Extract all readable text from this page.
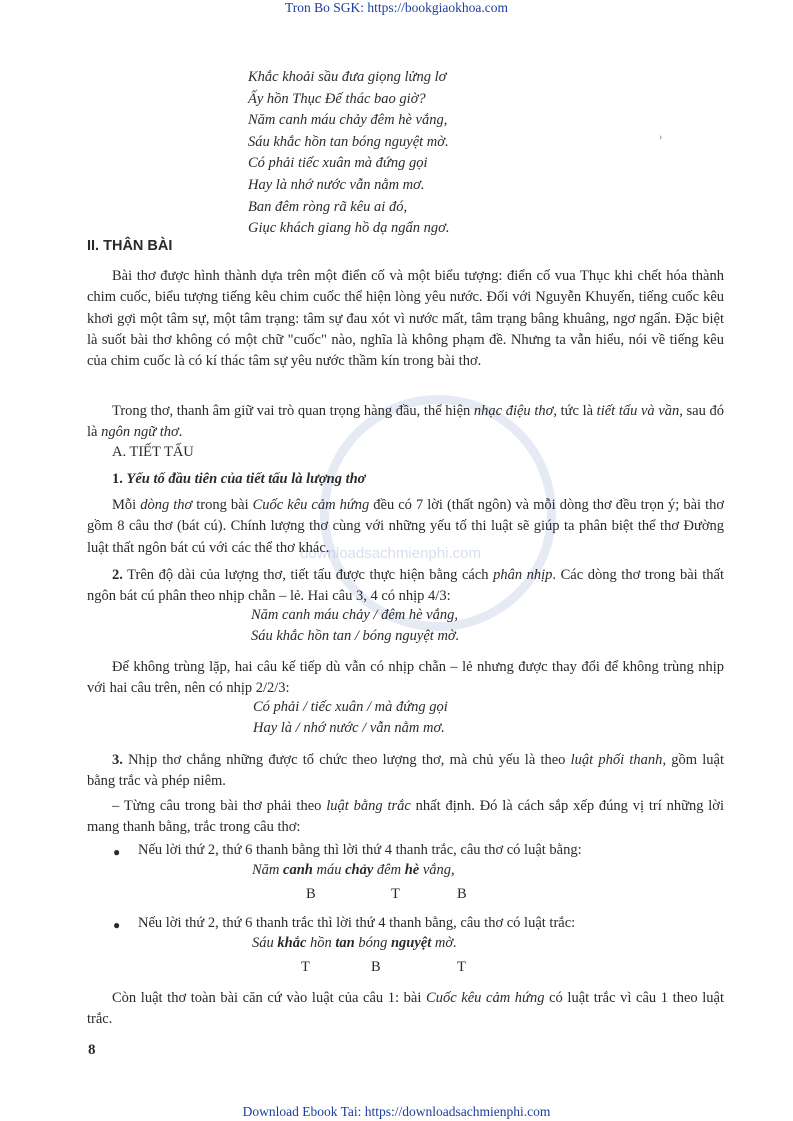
Tron Bo SGK: https://bookgiaokhoa.com
downloadsachmienphi.com
Khắc khoải sầu đưa giọng lửng lơ
Ấy hồn Thục Đế thác bao giờ?
Năm canh máu chảy đêm hè vắng,
Sáu khắc hồn tan bóng nguyệt mờ.
Có phải tiếc xuân mà đứng gọi
Hay là nhớ nước vẫn nằm mơ.
Ban đêm ròng rã kêu ai đó,
Giục khách giang hồ dạ ngẩn ngơ.
›
II. THÂN BÀI
Bài thơ được hình thành dựa trên một điển cố và một biểu tượng: điển cố vua Thục khi chết hóa thành chim cuốc, biểu tượng tiếng kêu chim cuốc thể hiện lòng yêu nước. Đối với Nguyễn Khuyến, tiếng cuốc kêu khơi gợi một tâm sự, một tâm trạng: tâm sự đau xót vì nước mất, tâm trạng bâng khuâng, ngơ ngẩn. Đặc biệt là suốt bài thơ không có một chữ "cuốc" nào, nghĩa là không phạm đề. Nhưng ta vẫn hiểu, nói về tiếng kêu của chim cuốc là có kí thác tâm sự yêu nước thầm kín trong bài thơ.
Trong thơ, thanh âm giữ vai trò quan trọng hàng đầu, thể hiện nhạc điệu thơ, tức là tiết tấu và vần, sau đó là ngôn ngữ thơ.
A. TIẾT TẤU
1. Yếu tố đầu tiên của tiết tấu là lượng thơ
Mỗi dòng thơ trong bài Cuốc kêu cảm hứng đều có 7 lời (thất ngôn) và mỗi dòng thơ đều trọn ý; bài thơ gồm 8 câu thơ (bát cú). Chính lượng thơ cùng với những yếu tố thi luật sẽ giúp ta phân biệt thể thơ Đường luật thất ngôn bát cú với các thể thơ khác.
2. Trên độ dài của lượng thơ, tiết tấu được thực hiện bằng cách phân nhịp. Các dòng thơ trong bài thất ngôn bát cú phân theo nhịp chẵn – lẻ. Hai câu 3, 4 có nhịp 4/3:
Năm canh máu chảy / đêm hè vắng,
Sáu khắc hồn tan / bóng nguyệt mờ.
Để không trùng lặp, hai câu kế tiếp dù vẫn có nhịp chẵn – lẻ nhưng được thay đổi để không trùng nhịp với hai câu trên, nên có nhịp 2/2/3:
Có phải / tiếc xuân / mà đứng gọi
Hay là / nhớ nước / vẫn nằm mơ.
3. Nhịp thơ chẳng những được tổ chức theo lượng thơ, mà chủ yếu là theo luật phối thanh, gồm luật bằng trắc và phép niêm.
– Từng câu trong bài thơ phải theo luật bằng trắc nhất định. Đó là cách sắp xếp đúng vị trí những lời mang thanh bằng, trắc trong câu thơ:
● Nếu lời thứ 2, thứ 6 thanh bằng thì lời thứ 4 thanh trắc, câu thơ có luật bằng:
Năm canh máu chảy đêm hè vắng,
B	T	B
● Nếu lời thứ 2, thứ 6 thanh trắc thì lời thứ 4 thanh bằng, câu thơ có luật trắc:
Sáu khắc hồn tan bóng nguyệt mờ.
T	B	T
Còn luật thơ toàn bài căn cứ vào luật của câu 1: bài Cuốc kêu cảm hứng có luật trắc vì câu 1 theo luật trắc.
8
Download Ebook Tai: https://downloadsachmienphi.com
